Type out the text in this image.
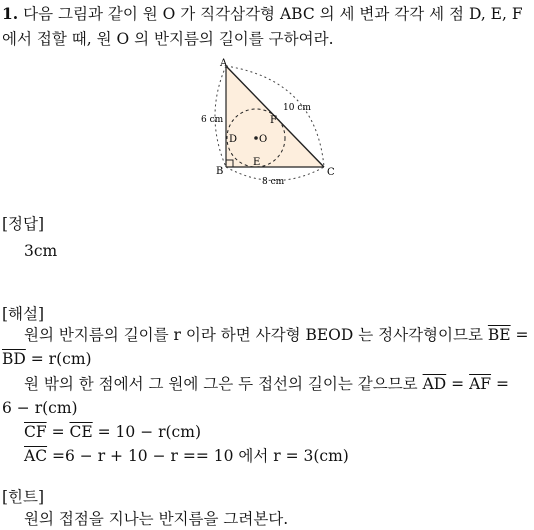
1. 다음 그림과 같이 원 O 가 직각삼각형 ABC 의 세 변과 각각 세 점 D, E, F
에서 접할 때, 원 O 의 반지름의 길이를 구하여라.
A
B	C
D
E
F
O
6 cm
10 cm
8 cm
[정답]
3cm
[해설]
원의 반지름의 길이를 r 이라 하면 사각형 BEOD 는 정사각형이므로 $\overline{BE}$ =
$\overline{BD} = r(cm)$
원 밖의 한 점에서 그 원에 그은 두 접선의 길이는 같으므로 $\overline{AD} = \overline{AF}$ =
6 − r(cm)
$\overline{CF} = \overline{CE} = 10 - r(cm)$
$\overline{AC} =6 - r + 10 - r == 10$ 에서 r = 3(cm)
[힌트]
원의 접점을 지나는 반지름을 그려본다.
